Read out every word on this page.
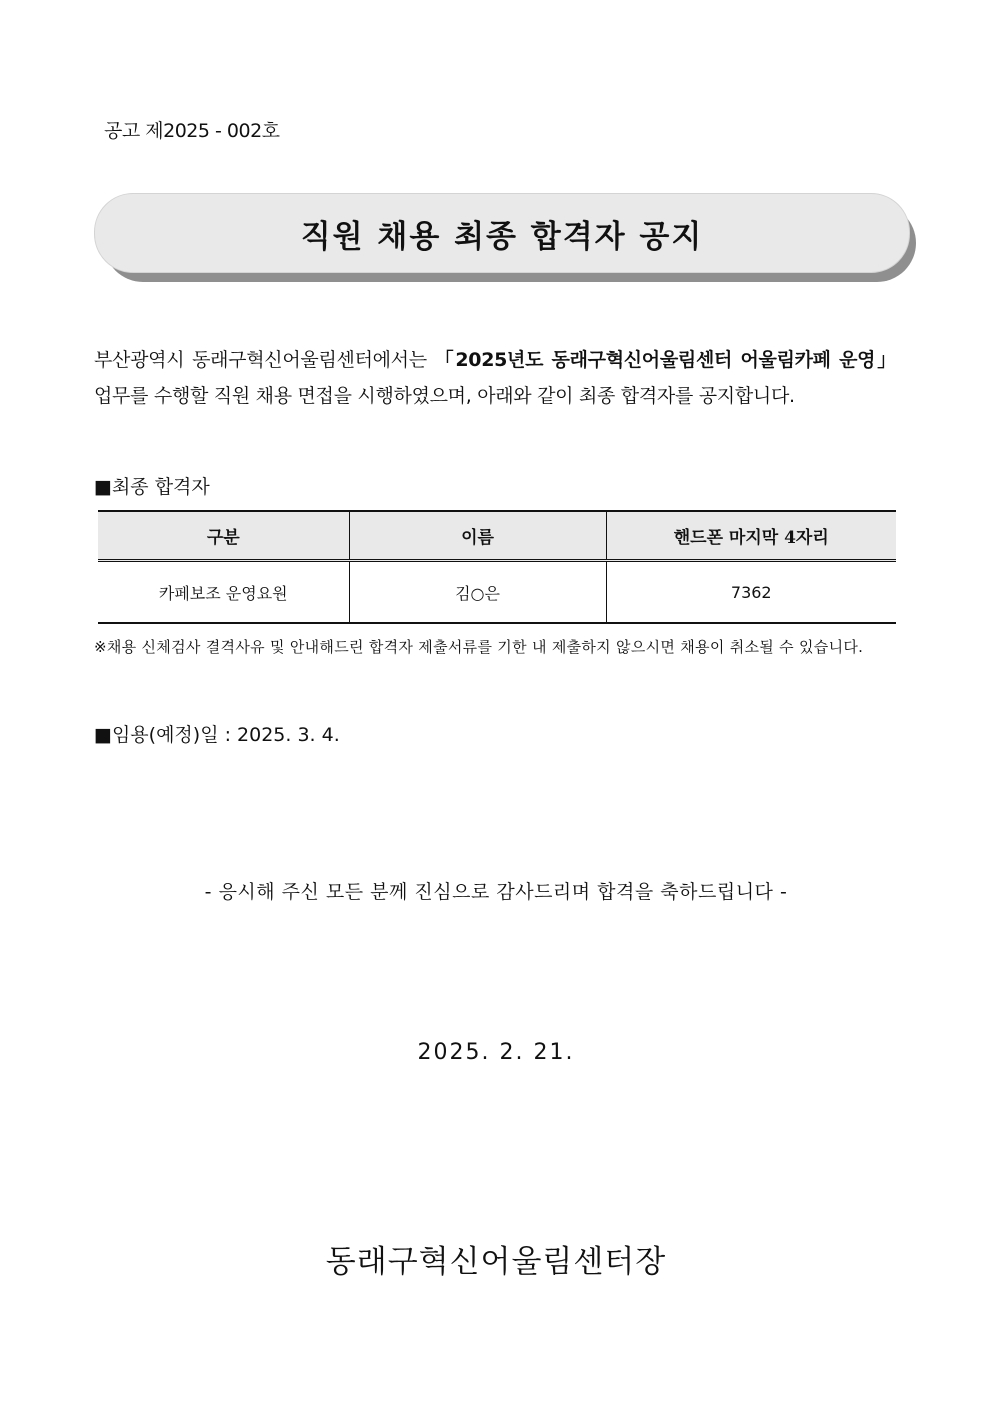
공고 제2025 - 002호
직원 채용 최종 합격자 공지
부산광역시 동래구혁신어울림센터에서는 「2025년도 동래구혁신어울림센터 어울림카페 운영」 업무를 수행할 직원 채용 면접을 시행하였으며, 아래와 같이 최종 합격자를 공지합니다.
■최종 합격자
구분	이름	핸드폰 마지막 4자리
카페보조 운영요원	김○은	7362
※채용 신체검사 결격사유 및 안내해드린 합격자 제출서류를 기한 내 제출하지 않으시면 채용이 취소될 수 있습니다.
■임용(예정)일 : 2025. 3. 4.
- 응시해 주신 모든 분께 진심으로 감사드리며 합격을 축하드립니다 -
2025. 2. 21.
동래구혁신어울림센터장
